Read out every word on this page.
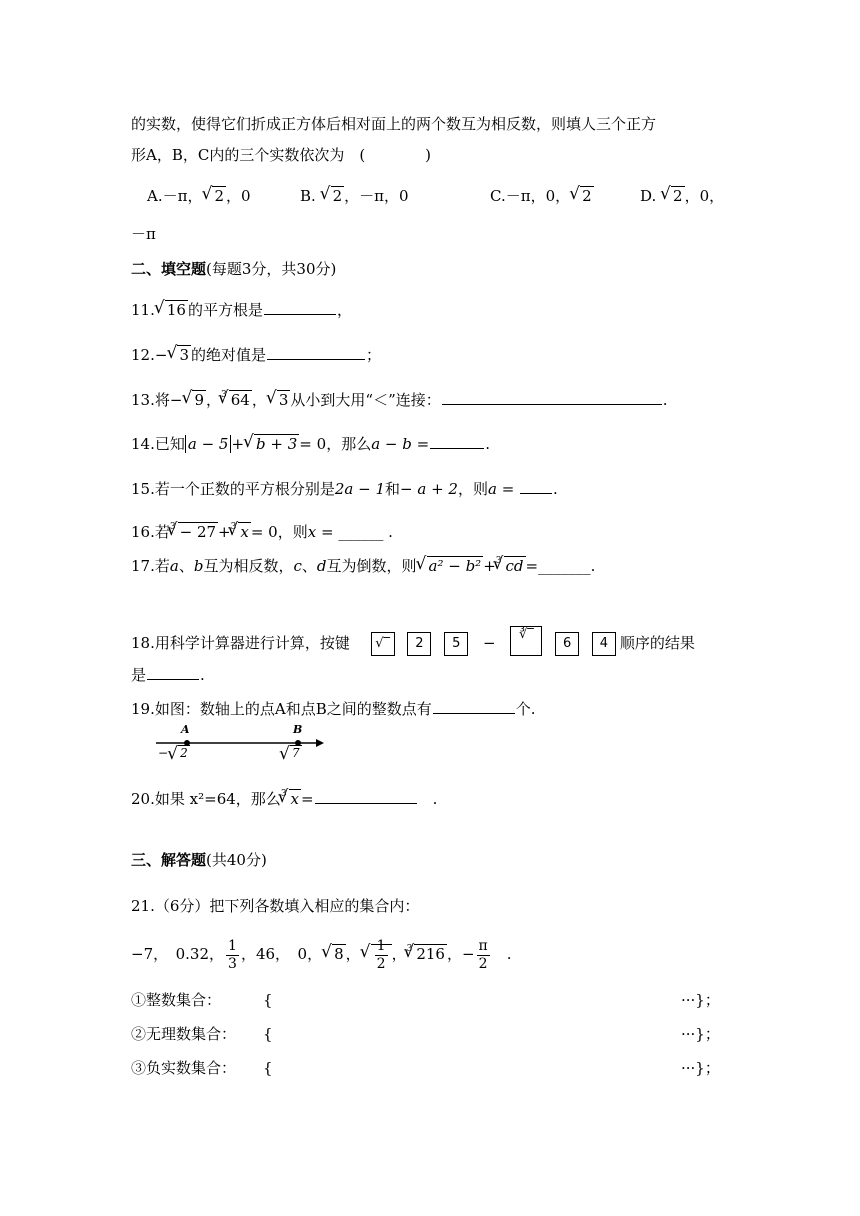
的实数，使得它们折成正方体后相对面上的两个数互为相反数，则填人三个正方
形A，B，C内的三个实数依次为　(　　　　)
A.－π， √ 2 ，0	B. √ 2 ，－π，0	C.－π，0， √ 2	D. √ 2 ，0，
－π
二、填空题(每题3分，共30分)
11. √ 16 的平方根是	，
12.− √ 3 的绝对值是	；
13.将− √ 9 ，$^3$ √ 64 ， √ 3 从小到大用“＜”连接：	.
14.已知 a − 5 + √ b + 3 = 0，那么a − b =	.
15.若一个正数的平方根分别是2a − 1和− a + 2，则a =	.
16.若$^3$ √ − 27 +$^3$ √ x = 0，则x = ______ .
17.若a、b互为相反数，c、d互为倒数，则 √ a² − b² +$^3$ √ cd =_______.
18.用科学计算器进行计算，按键 √‾ 2 5 − ∛‾ 6 4 顺序的结果
是	.
19.如图：数轴上的点A和点B之间的整数点有	个.
A	B
− √ 2	√ 7
20.如果 x²=64，那么$^3$ √ x =　	.
三、解答题(共40分)
21.（6分）把下列各数填入相应的集合内：
−7，　0.32， $\frac{1}{3}$ ，46，　0， √ 8 ， √ $\frac{1}{2}$ ，$^3$ √ 216 ，− $\frac{\pi}{2}$
　 .
①整数集合：	{	···}；
②无理数集合： {	···}；
③负实数集合： {	···}；
